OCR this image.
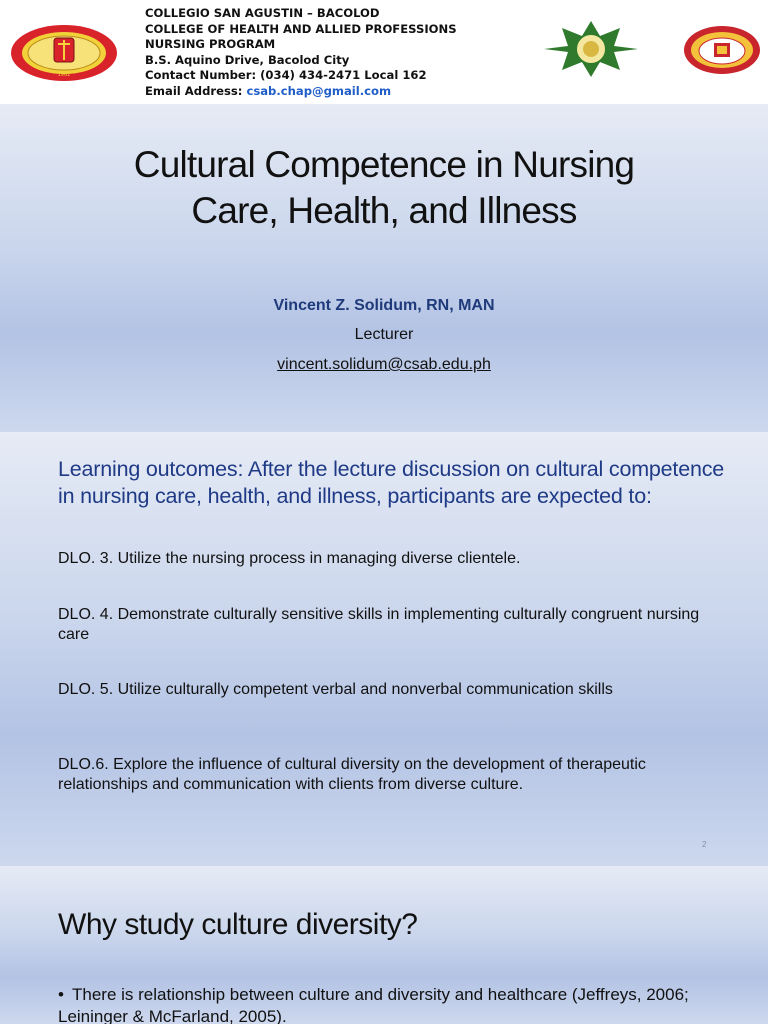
1962
COLLEGIO SAN AGUSTIN – BACOLOD
COLLEGE OF HEALTH AND ALLIED PROFESSIONS
NURSING PROGRAM
B.S. Aquino Drive, Bacolod City
Contact Number: (034) 434-2471 Local 162
Email Address: csab.chap@gmail.com
Cultural Competence in Nursing
Care, Health, and Illness
Vincent Z. Solidum, RN, MAN
Lecturer
vincent.solidum@csab.edu.ph
Learning outcomes: After the lecture discussion on cultural competence in nursing care, health, and illness, participants are expected to:
DLO. 3. Utilize the nursing process in managing diverse clientele.
DLO. 4. Demonstrate culturally sensitive skills in implementing culturally congruent nursing care
DLO. 5. Utilize culturally competent verbal and nonverbal communication skills
DLO.6. Explore the influence of cultural diversity on the development of therapeutic relationships and communication with clients from diverse culture.
2
Why study culture diversity?
• There is relationship between culture and diversity and healthcare (Jeffreys, 2006; Leininger & McFarland, 2005).
